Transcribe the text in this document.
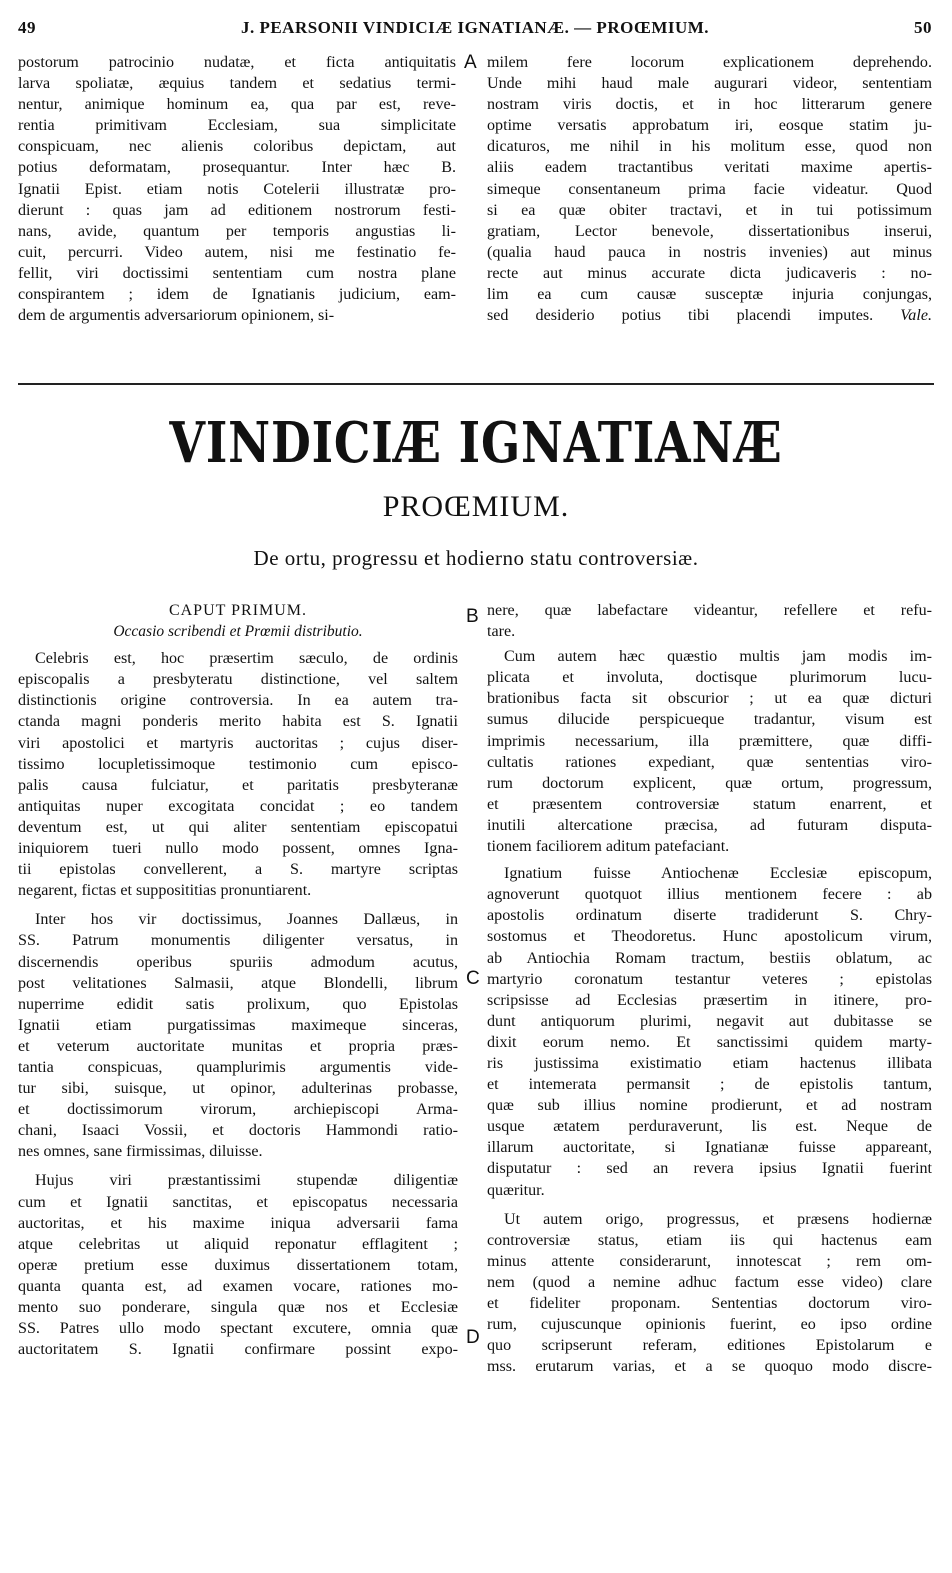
49	J. PEARSONII VINDICIÆ IGNATIANÆ. — PROŒMIUM.	50
postorum patrocinio nudatæ, et ficta antiquitatis
larva spoliatæ, æquius tandem et sedatius termi-
nentur, animique hominum ea, qua par est, reve-
rentia primitivam Ecclesiam, sua simplicitate
conspicuam, nec alienis coloribus depictam, aut
potius deformatam, prosequantur. Inter hæc B.
Ignatii Epist. etiam notis Cotelerii illustratæ pro-
dierunt : quas jam ad editionem nostrorum festi-
nans, avide, quantum per temporis angustias li-
cuit, percurri. Video autem, nisi me festinatio fe-
fellit, viri doctissimi sententiam cum nostra plane
conspirantem ; idem de Ignatianis judicium, eam-
dem de argumentis adversariorum opinionem, si-
A milem fere locorum explicationem deprehendo.
Unde mihi haud male augurari videor, sententiam
nostram viris doctis, et in hoc litterarum genere
optime versatis approbatum iri, eosque statim ju-
dicaturos, me nihil in his molitum esse, quod non
aliis eadem tractantibus veritati maxime apertis-
simeque consentaneum prima facie videatur. Quod
si ea quæ obiter tractavi, et in tui potissimum
gratiam, Lector benevole, dissertationibus inserui,
(qualia haud pauca in nostris invenies) aut minus
recte aut minus accurate dicta judicaveris : no-
lim ea cum causæ susceptæ injuria conjungas,
sed desiderio potius tibi placendi imputes. Vale.
VINDICIÆ IGNATIANÆ
PROŒMIUM.
De ortu, progressu et hodierno statu controversiæ.
CAPUT PRIMUM.
Occasio scribendi et Prœmii distributio.
Celebris est, hoc præsertim sæculo, de ordinis
episcopalis a presbyteratu distinctione, vel saltem
distinctionis origine controversia. In ea autem tra-
ctanda magni ponderis merito habita est S. Ignatii
viri apostolici et martyris auctoritas ; cujus diser-
tissimo locupletissimoque testimonio cum episco-
palis causa fulciatur, et paritatis presbyteranæ
antiquitas nuper excogitata concidat ; eo tandem
deventum est, ut qui aliter sententiam episcopatui
iniquiorem tueri nullo modo possent, omnes Igna-
tii epistolas convellerent, a S. martyre scriptas
negarent, fictas et supposititias pronuntiarent.
Inter hos vir doctissimus, Joannes Dallæus, in
SS. Patrum monumentis diligenter versatus, in
discernendis operibus spuriis admodum acutus,
post velitationes Salmasii, atque Blondelli, librum
nuperrime edidit satis prolixum, quo Epistolas
Ignatii etiam purgatissimas maximeque sinceras,
et veterum auctoritate munitas et propria præs-
tantia conspicuas, quamplurimis argumentis vide-
tur sibi, suisque, ut opinor, adulterinas probasse,
et doctissimorum virorum, archiepiscopi Arma-
chani, Isaaci Vossii, et doctoris Hammondi ratio-
nes omnes, sane firmissimas, diluisse.
Hujus viri præstantissimi stupendæ diligentiæ
cum et Ignatii sanctitas, et episcopatus necessaria
auctoritas, et his maxime iniqua adversarii fama
atque celebritas ut aliquid reponatur efflagitent ;
operæ pretium esse duximus dissertationem totam,
quanta quanta est, ad examen vocare, rationes mo-
mento suo ponderare, singula quæ nos et Ecclesiæ
SS. Patres ullo modo spectant excutere, omnia quæ
auctoritatem S. Ignatii confirmare possint expo-
B
C
D
nere, quæ labefactare videantur, refellere et refu-
tare.
Cum autem hæc quæstio multis jam modis im-
plicata et involuta, doctisque plurimorum lucu-
brationibus facta sit obscurior ; ut ea quæ dicturi
sumus dilucide perspicueque tradantur, visum est
imprimis necessarium, illa præmittere, quæ diffi-
cultatis rationes expediant, quæ sententias viro-
rum doctorum explicent, quæ ortum, progressum,
et præsentem controversiæ statum enarrent, et
inutili altercatione præcisa, ad futuram disputa-
tionem faciliorem aditum patefaciant.
Ignatium fuisse Antiochenæ Ecclesiæ episcopum,
agnoverunt quotquot illius mentionem fecere : ab
apostolis ordinatum diserte tradiderunt S. Chry-
sostomus et Theodoretus. Hunc apostolicum virum,
ab Antiochia Romam tractum, bestiis oblatum, ac
martyrio coronatum testantur veteres ; epistolas
scripsisse ad Ecclesias præsertim in itinere, pro-
dunt antiquorum plurimi, negavit aut dubitasse se
dixit eorum nemo. Et sanctissimi quidem marty-
ris justissima existimatio etiam hactenus illibata
et intemerata permansit ; de epistolis tantum,
quæ sub illius nomine prodierunt, et ad nostram
usque ætatem perduraverunt, lis est. Neque de
illarum auctoritate, si Ignatianæ fuisse appareant,
disputatur : sed an revera ipsius Ignatii fuerint
quæritur.
Ut autem origo, progressus, et præsens hodiernæ
controversiæ status, etiam iis qui hactenus eam
minus attente considerarunt, innotescat ; rem om-
nem (quod a nemine adhuc factum esse video) clare
et fideliter proponam. Sententias doctorum viro-
rum, cujuscunque opinionis fuerint, eo ipso ordine
quo scripserunt referam, editiones Epistolarum e
mss. erutarum varias, et a se quoquo modo discre-
